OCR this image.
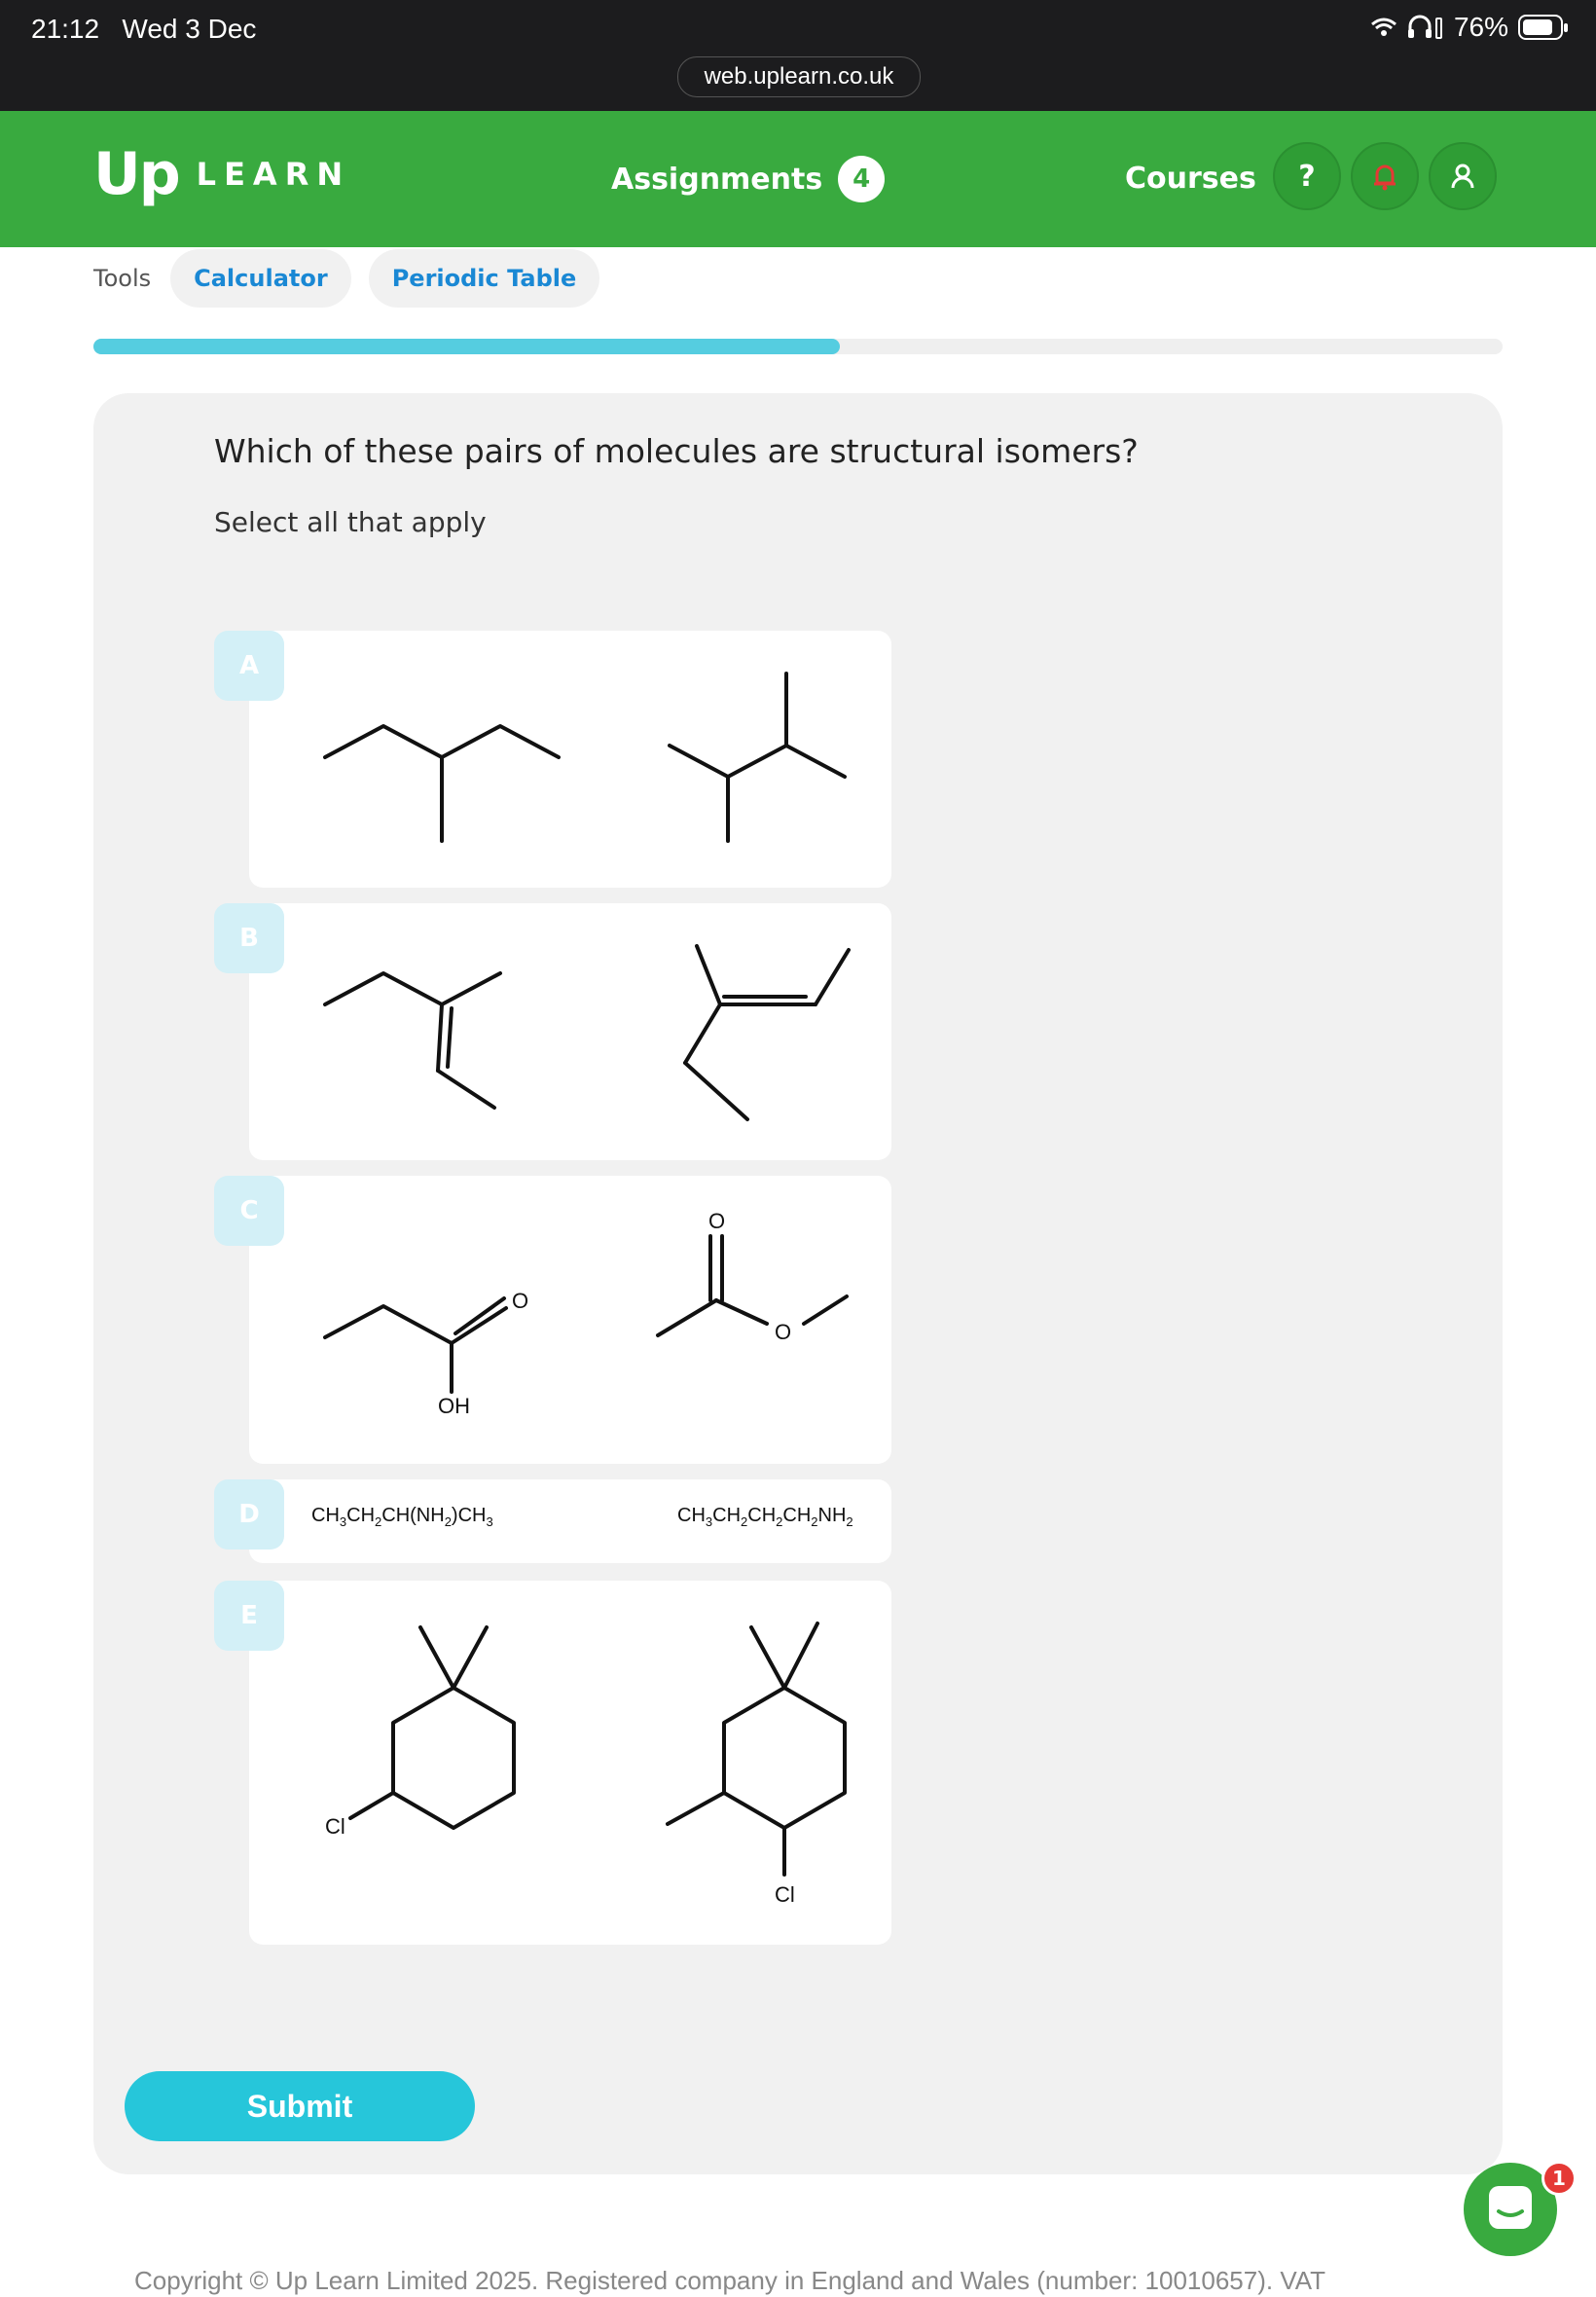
21:12 Wed 3 Dec	76%
web.uplearn.co.uk
Up LEARN	Assignments	4	Courses ?
Tools	Calculator	Periodic Table
Which of these pairs of molecules are structural isomers?
Select all that apply
A
B
O
OH
O
O
C
$CH_3CH_2CH(NH_2)CH_3$	$CH_3CH_2CH_2CH_2NH_2$
D
Cl
Cl
E
Submit
1
Copyright © Up Learn Limited 2025. Registered company in England and Wales (number: 10010657). VAT
